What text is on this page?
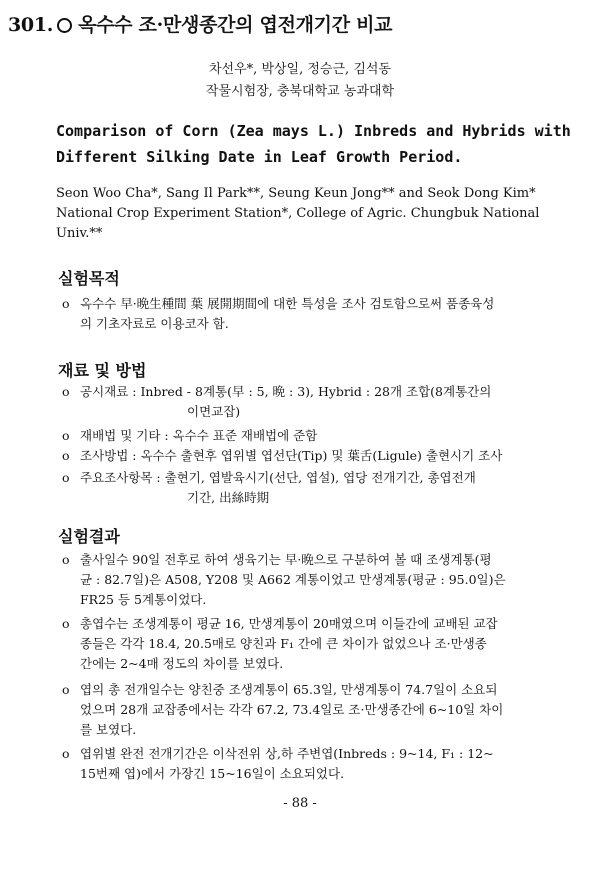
301. ○ 옥수수 조·만생종간의 엽전개기간 비교
차선우*, 박상일, 정승근, 김석동
작물시험장, 충북대학교 농과대학
Comparison of Corn (Zea mays L.) Inbreds and Hybrids with
Different Silking Date in Leaf Growth Period.
Seon Woo Cha*, Sang Il Park**, Seung Keun Jong** and Seok Dong Kim*
National Crop Experiment Station*, College of Agric. Chungbuk National
Univ.**
실험목적
o 옥수수 早·晩生種間 葉 展開期間에 대한 특성을 조사 검토함으로써 품종육성
의 기초자료로 이용코자 함.
재료 및 방법
o 공시재료 : Inbred - 8계통(早 : 5, 晩 : 3), Hybrid : 28개 조합(8계통간의
이면교잡)
o 재배법 및 기타 : 옥수수 표준 재배법에 준함
o 조사방법 : 옥수수 출현후 엽위별 엽선단(Tip) 및 葉舌(Ligule) 출현시기 조사
o 주요조사항목 : 출현기, 엽발육시기(선단, 엽설), 엽당 전개기간, 총엽전개
기간, 出絲時期
실험결과
o 출사일수 90일 전후로 하여 생육기는 早·晩으로 구분하여 볼 때 조생계통(평
균 : 82.7일)은 A508, Y208 및 A662 계통이었고 만생계통(평균 : 95.0일)은
FR25 등 5계통이었다.
o 총엽수는 조생계통이 평균 16, 만생계통이 20매였으며 이들간에 교배된 교잡
종들은 각각 18.4, 20.5매로 양친과 F₁ 간에 큰 차이가 없었으나 조·만생종
간에는 2~4매 정도의 차이를 보였다.
o 엽의 총 전개일수는 양친중 조생계통이 65.3일, 만생계통이 74.7일이 소요되
었으며 28개 교잡종에서는 각각 67.2, 73.4일로 조·만생종간에 6~10일 차이
를 보였다.
o 엽위별 완전 전개기간은 이삭전위 상,하 주변엽(Inbreds : 9~14, F₁ : 12~
15번째 엽)에서 가장긴 15~16일이 소요되었다.
- 88 -
